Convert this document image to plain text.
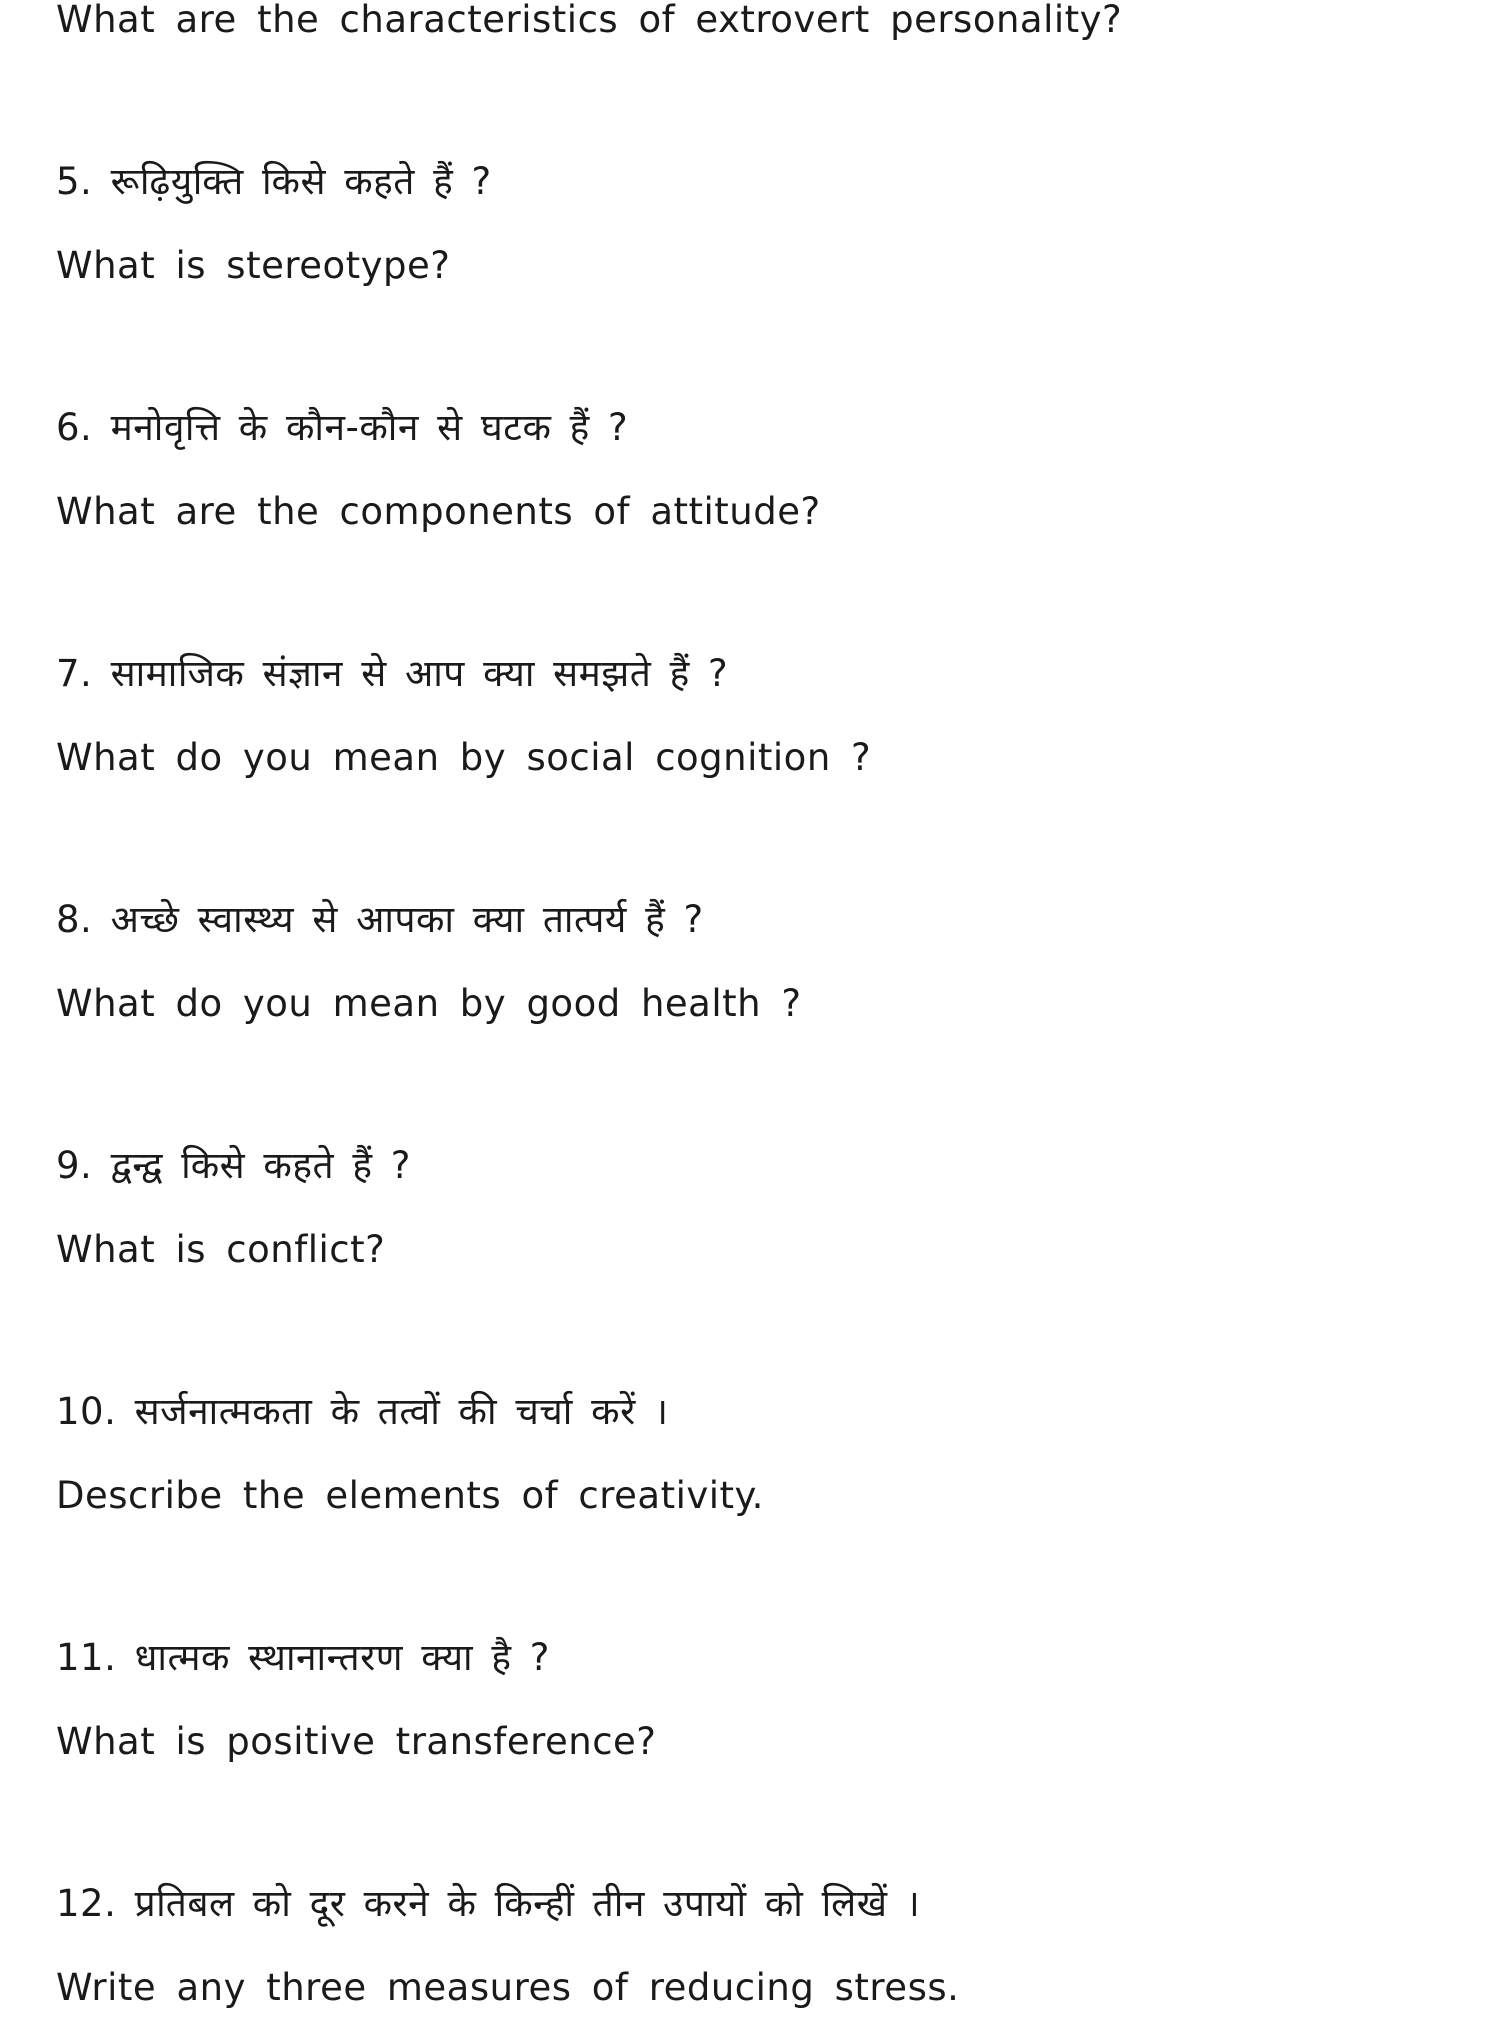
What are the characteristics of extrovert personality?

5. रूढ़ियुक्ति किसे कहते हैं ?

What is stereotype?

6. मनोवृत्ति के कौन-कौन से घटक हैं ?

What are the components of attitude?

7. सामाजिक संज्ञान से आप क्या समझते हैं ?

What do you mean by social cognition ?

8. अच्छे स्वास्थ्य से आपका क्या तात्पर्य हैं ?

What do you mean by good health ?

9. द्वन्द्व किसे कहते हैं ?

What is conflict?

10. सर्जनात्मकता के तत्वों की चर्चा करें ।

Describe the elements of creativity.

11. धात्मक स्थानान्तरण क्या है ?

What is positive transference?

12. प्रतिबल को दूर करने के किन्हीं तीन उपायों को लिखें ।

Write any three measures of reducing stress.
